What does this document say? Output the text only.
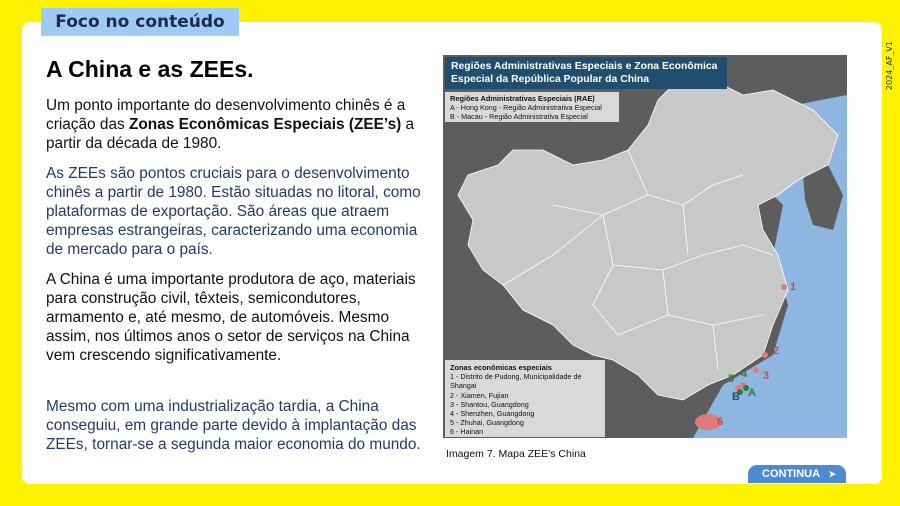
Foco no conteúdo
2024_AF_V1
A China e as ZEEs.

Um ponto importante do desenvolvimento chinês é a criação das Zonas Econômicas Especiais (ZEE’s) a partir da década de 1980.

As ZEEs são pontos cruciais para o desenvolvimento chinês a partir de 1980. Estão situadas no litoral, como plataformas de exportação. São áreas que atraem empresas estrangeiras, caracterizando uma economia de mercado para o país.

A China é uma importante produtora de aço, materiais para construção civil, têxteis, semicondutores, armamento e, até mesmo, de automóveis. Mesmo assim, nos últimos anos o setor de serviços na China vem crescendo significativamente.

Mesmo com uma industrialização tardia, a China conseguiu, em grande parte devido à implantação das ZEEs, tornar-se a segunda maior economia do mundo.

Regiões Administrativas Especiais e Zona Econômica
Especial da República Popular da China
Regiões Administrativas Especiais (RAE)
A - Hong Kong - Região Administrativa Especial
B - Macau - Região Administrativa Especial
Zonas econômicas especiais
1 - Distrito de Pudong, Municipalidade de
Shangai
2 - Xiamen, Fujian
3 - Shantou, Guangdong
4 - Shenzhen, Guangdong
5 - Zhuhai, Guangdong
6 - Hainan
1
2
3
4
5
6
A
B
Imagem 7. Mapa ZEE’s China
CONTINUA ➤
